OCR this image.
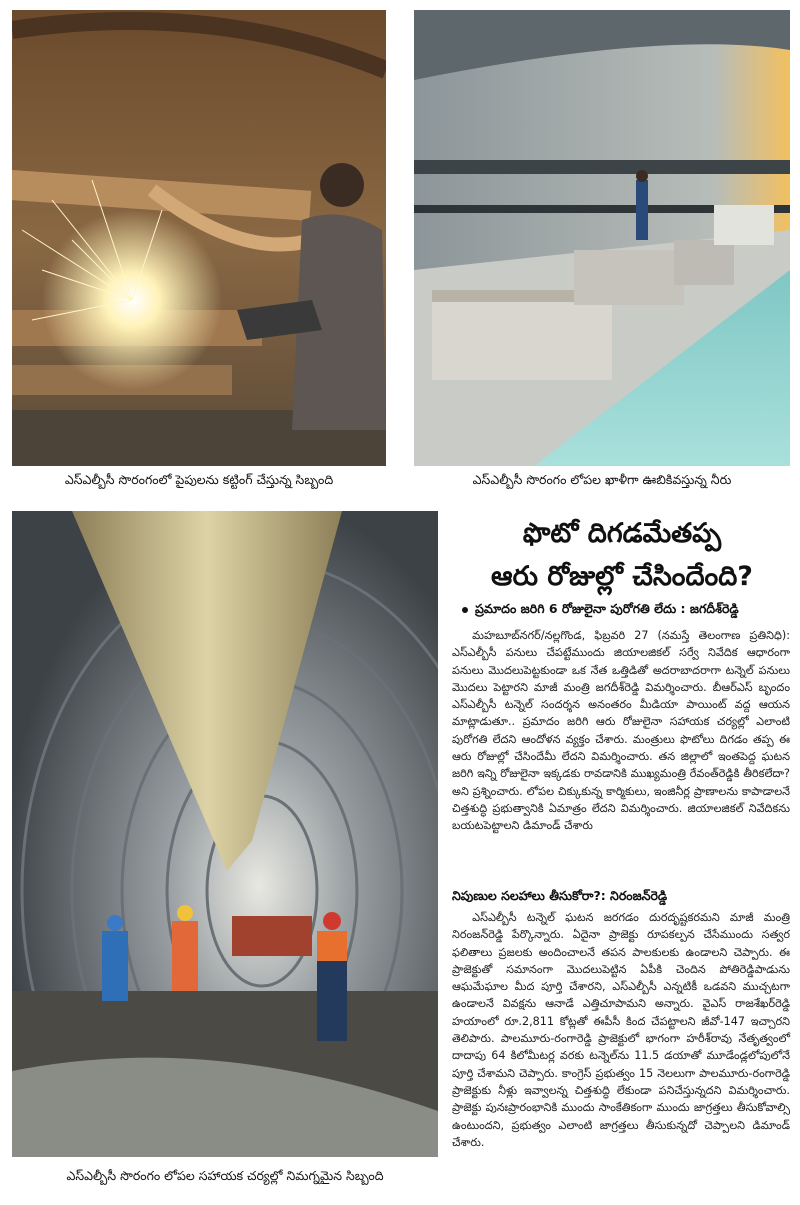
ఎస్ఎల్బీసీ సొరంగంలో పైపులను కట్టింగ్ చేస్తున్న సిబ్బంది	ఎస్ఎల్బీసీ సొరంగం లోపల ఖాళీగా ఊబికివస్తున్న నీరు
ఎస్ఎల్బీసీ సొరంగం లోపల సహాయక చర్యల్లో నిమగ్నమైన సిబ్బంది
ఫొటో దిగడమేతప్ప
ఆరు రోజుల్లో చేసిందేంది?
ప్రమాదం జరిగి 6 రోజులైనా పురోగతి లేదు : జగదీశ్‌రెడ్డి
మహబూబ్‌నగర్/నల్లగొండ, ఫిబ్రవరి 27 (నమస్తే తెలంగాణ ప్రతినిధి): ఎస్ఎల్బీసీ పనులు చేపట్టేముందు జియాలజికల్ సర్వే నివేదిక ఆధారంగా పనులు మొదలుపెట్టకుండా ఒక నేత ఒత్తిడితో అదరాబాదరాగా టన్నెల్ పనులు మొదలు పెట్టారని మాజీ మంత్రి జగదీశ్‌రెడ్డి విమర్శించారు. బీఆర్ఎస్ బృందం ఎస్ఎల్బీసీ టన్నెల్ సందర్శన అనంతరం మీడియా పాయింట్ వద్ద ఆయన మాట్లాడుతూ.. ప్రమాదం జరిగి ఆరు రోజులైనా సహాయక చర్యల్లో ఎలాంటి పురోగతి లేదని ఆందోళన వ్యక్తం చేశారు. మంత్రులు ఫొటోలు దిగడం తప్ప ఈ ఆరు రోజుల్లో చేసిందేమీ లేదని విమర్శించారు. తన జిల్లాలో ఇంతపెద్ద ఘటన జరిగి ఇన్ని రోజులైనా ఇక్కడకు రావడానికి ముఖ్యమంత్రి రేవంత్‌రెడ్డికి తీరికలేదా? అని ప్రశ్నించారు. లోపల చిక్కుకున్న కార్మికులు, ఇంజినీర్ల ప్రాణాలను కాపాడాలనే చిత్తశుద్ధి ప్రభుత్వానికి ఏమాత్రం లేదని విమర్శించారు. జియాలజికల్ నివేదికను బయటపెట్టాలని డిమాండ్ చేశారు
నిపుణుల సలహాలు తీసుకోరా?: నిరంజన్‌రెడ్డి
ఎస్ఎల్బీసీ టన్నెల్ ఘటన జరగడం దురదృష్టకరమని మాజీ మంత్రి నిరంజన్‌రెడ్డి పేర్కొన్నారు. ఏదైనా ప్రాజెక్టు రూపకల్పన చేసేముందు సత్వర ఫలితాలు ప్రజలకు అందించాలనే తపన పాలకులకు ఉండాలని చెప్పారు. ఈ ప్రాజెక్టుతో సమానంగా మొదలుపెట్టిన ఏపీకి చెందిన పోతిరెడ్డిపాడును ఆఘమేఘాల మీద పూర్తి చేశారని, ఎస్ఎల్బీసీ ఎన్నటికీ ఒడవని ముచ్చటగా ఉండాలనే వివక్షను ఆనాడే ఎత్తిచూపామని అన్నారు. వైఎస్ రాజశేఖర్‌రెడ్డి హయాంలో రూ.2,811 కోట్లతో ఈపీసీ కింద చేపట్టాలని జీవో-147 ఇచ్చారని తెలిపారు. పాలమూరు-రంగారెడ్డి ప్రాజెక్టులో భాగంగా హరీశ్‌రావు నేతృత్వంలో దాదాపు 64 కిలోమీటర్ల వరకు టన్నెల్‌ను 11.5 డయాతో మూడేండ్లలోపులోనే పూర్తి చేశామని చెప్పారు. కాంగ్రెస్ ప్రభుత్వం 15 నెలలుగా పాలమూరు-రంగారెడ్డి ప్రాజెక్టుకు నీళ్లు ఇవ్వాలన్న చిత్తశుద్ధి లేకుండా పనిచేస్తున్నదని విమర్శించారు. ప్రాజెక్టు పునఃప్రారంభానికి ముందు సాంకేతికంగా ముందు జాగ్రత్తలు తీసుకోవాల్సి ఉంటుందని, ప్రభుత్వం ఎలాంటి జాగ్రత్తలు తీసుకున్నదో చెప్పాలని డిమాండ్ చేశారు.
